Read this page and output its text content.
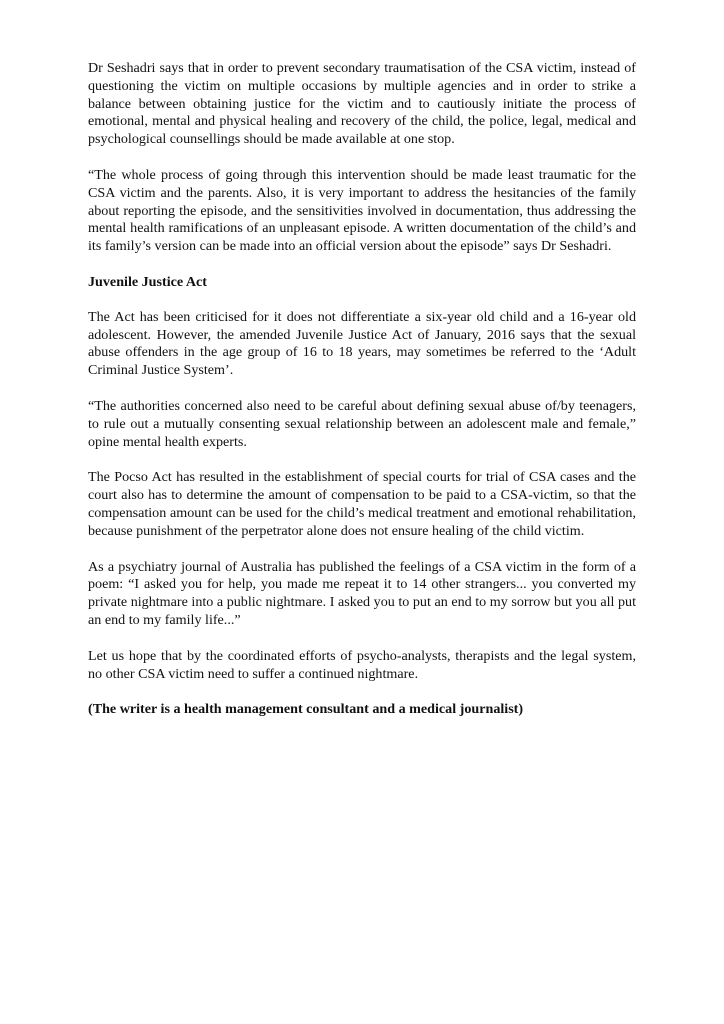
Dr Seshadri says that in order to prevent secondary traumatisation of the CSA victim, instead of questioning the victim on multiple occasions by multiple agencies and in order to strike a balance between obtaining justice for the victim and to cautiously initiate the process of emotional, mental and physical healing and recovery of the child, the police, legal, medical and psychological counsellings should be made available at one stop.

“The whole process of going through this intervention should be made least traumatic for the CSA victim and the parents. Also, it is very important to address the hesitancies of the family about reporting the episode, and the sensitivities involved in documentation, thus addressing the mental health ramifications of an unpleasant episode. A written documentation of the child’s and its family’s version can be made into an official version about the episode” says Dr Seshadri.

Juvenile Justice Act

The Act has been criticised for it does not differentiate a six-year old child and a 16-year old adolescent. However, the amended Juvenile Justice Act of January, 2016 says that the sexual abuse offenders in the age group of 16 to 18 years, may sometimes be referred to the ‘Adult Criminal Justice System’.

“The authorities concerned also need to be careful about defining sexual abuse of/by teenagers, to rule out a mutually consenting sexual relationship between an adolescent male and female,” opine mental health experts.

The Pocso Act has resulted in the establishment of special courts for trial of CSA cases and the court also has to determine the amount of compensation to be paid to a CSA-victim, so that the compensation amount can be used for the child’s medical treatment and emotional rehabilitation, because punishment of the perpetrator alone does not ensure healing of the child victim.

As a psychiatry journal of Australia has published the feelings of a CSA victim in the form of a poem: “I asked you for help, you made me repeat it to 14 other strangers... you converted my private nightmare into a public nightmare. I asked you to put an end to my sorrow but you all put an end to my family life...”

Let us hope that by the coordinated efforts of psycho-analysts, therapists and the legal system, no other CSA victim need to suffer a continued nightmare.

(The writer is a health management consultant and a medical journalist)
